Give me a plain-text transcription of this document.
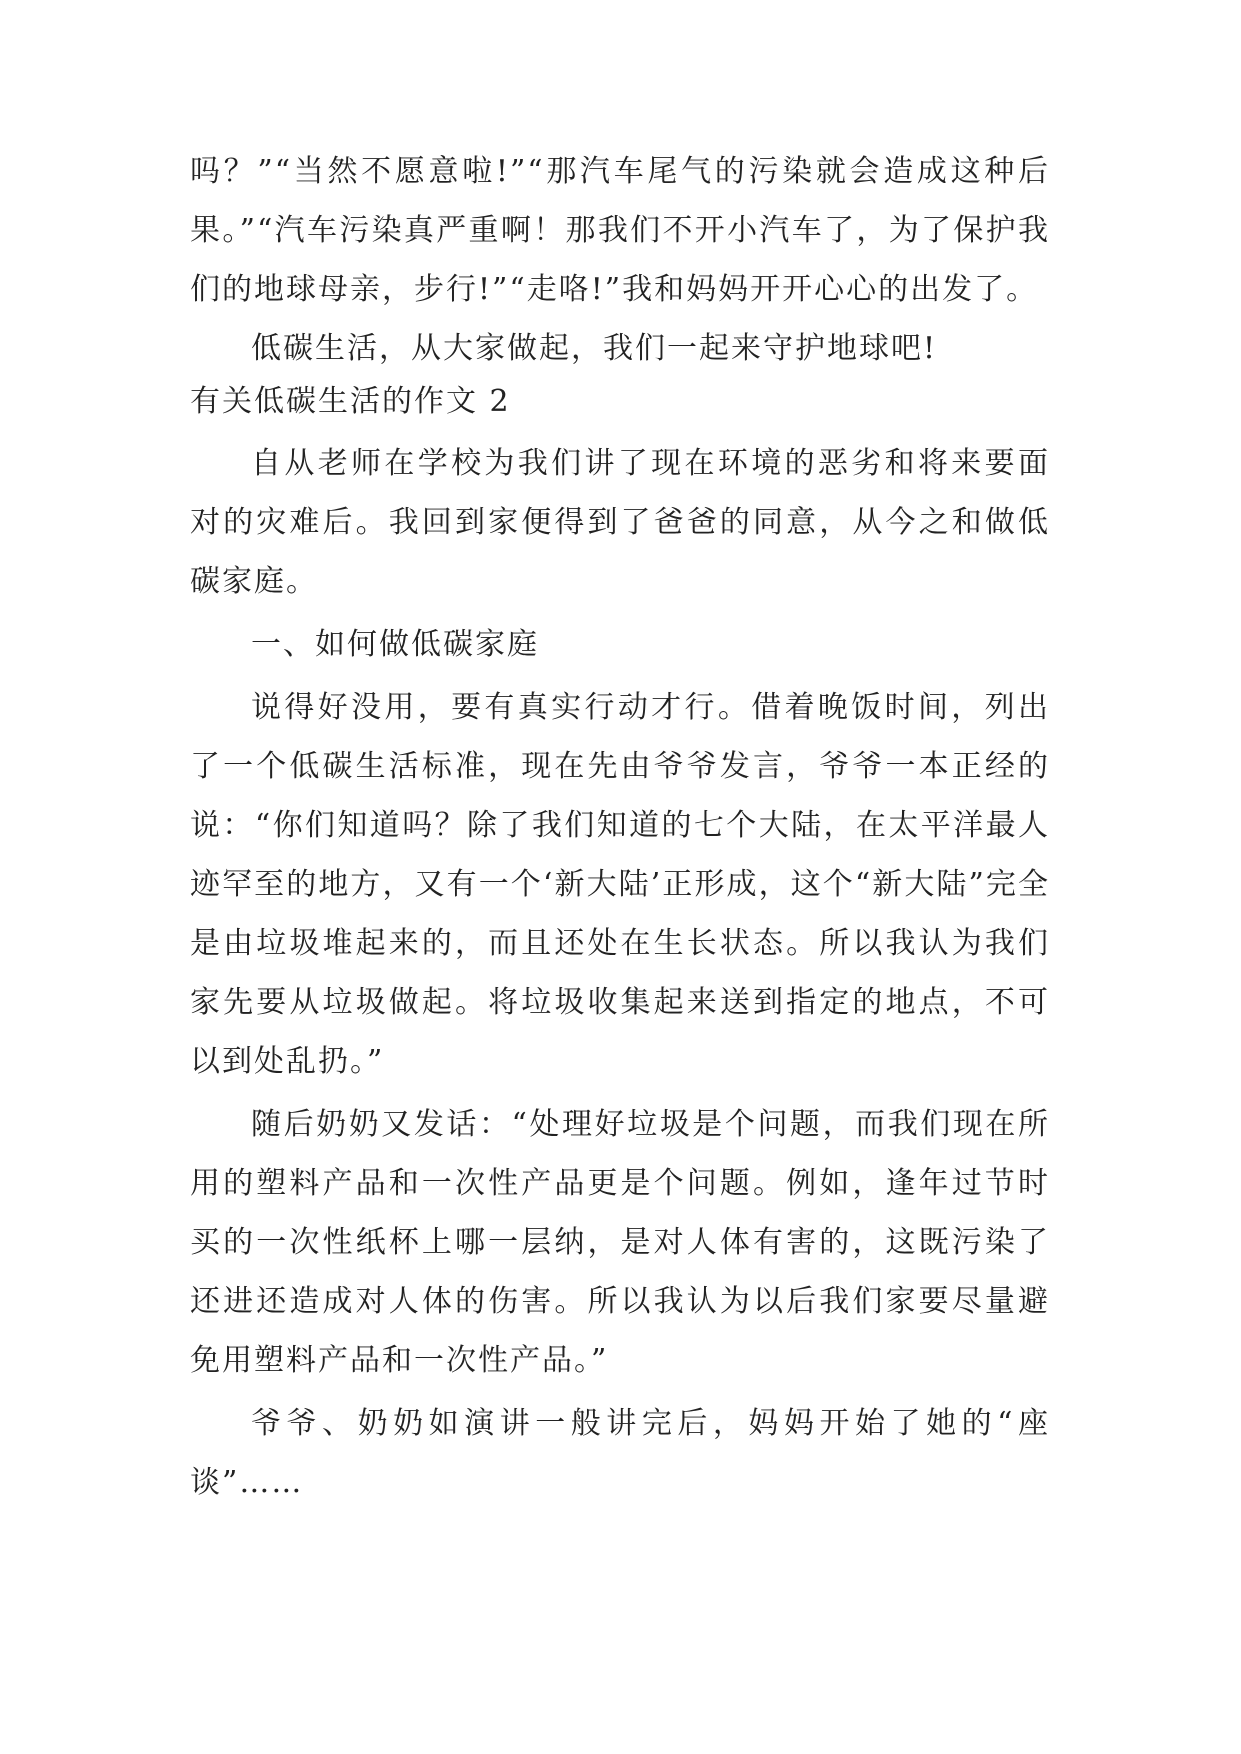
吗？”“当然不愿意啦!”“那汽车尾气的污染就会造成这种后果。”“汽车污染真严重啊！那我们不开小汽车了，为了保护我们的地球母亲，步行!”“走咯!”我和妈妈开开心心的出发了。

低碳生活，从大家做起，我们一起来守护地球吧!

有关低碳生活的作文 2

自从老师在学校为我们讲了现在环境的恶劣和将来要面对的灾难后。我回到家便得到了爸爸的同意，从今之和做低碳家庭。

一、如何做低碳家庭

说得好没用，要有真实行动才行。借着晚饭时间，列出了一个低碳生活标准，现在先由爷爷发言，爷爷一本正经的说：“你们知道吗？除了我们知道的七个大陆，在太平洋最人迹罕至的地方，又有一个‘新大陆’正形成，这个“新大陆”完全是由垃圾堆起来的，而且还处在生长状态。所以我认为我们家先要从垃圾做起。将垃圾收集起来送到指定的地点，不可以到处乱扔。”

随后奶奶又发话：“处理好垃圾是个问题，而我们现在所用的塑料产品和一次性产品更是个问题。例如，逢年过节时买的一次性纸杯上哪一层纳，是对人体有害的，这既污染了还进还造成对人体的伤害。所以我认为以后我们家要尽量避免用塑料产品和一次性产品。”

爷爷、奶奶如演讲一般讲完后，妈妈开始了她的“座谈”……
